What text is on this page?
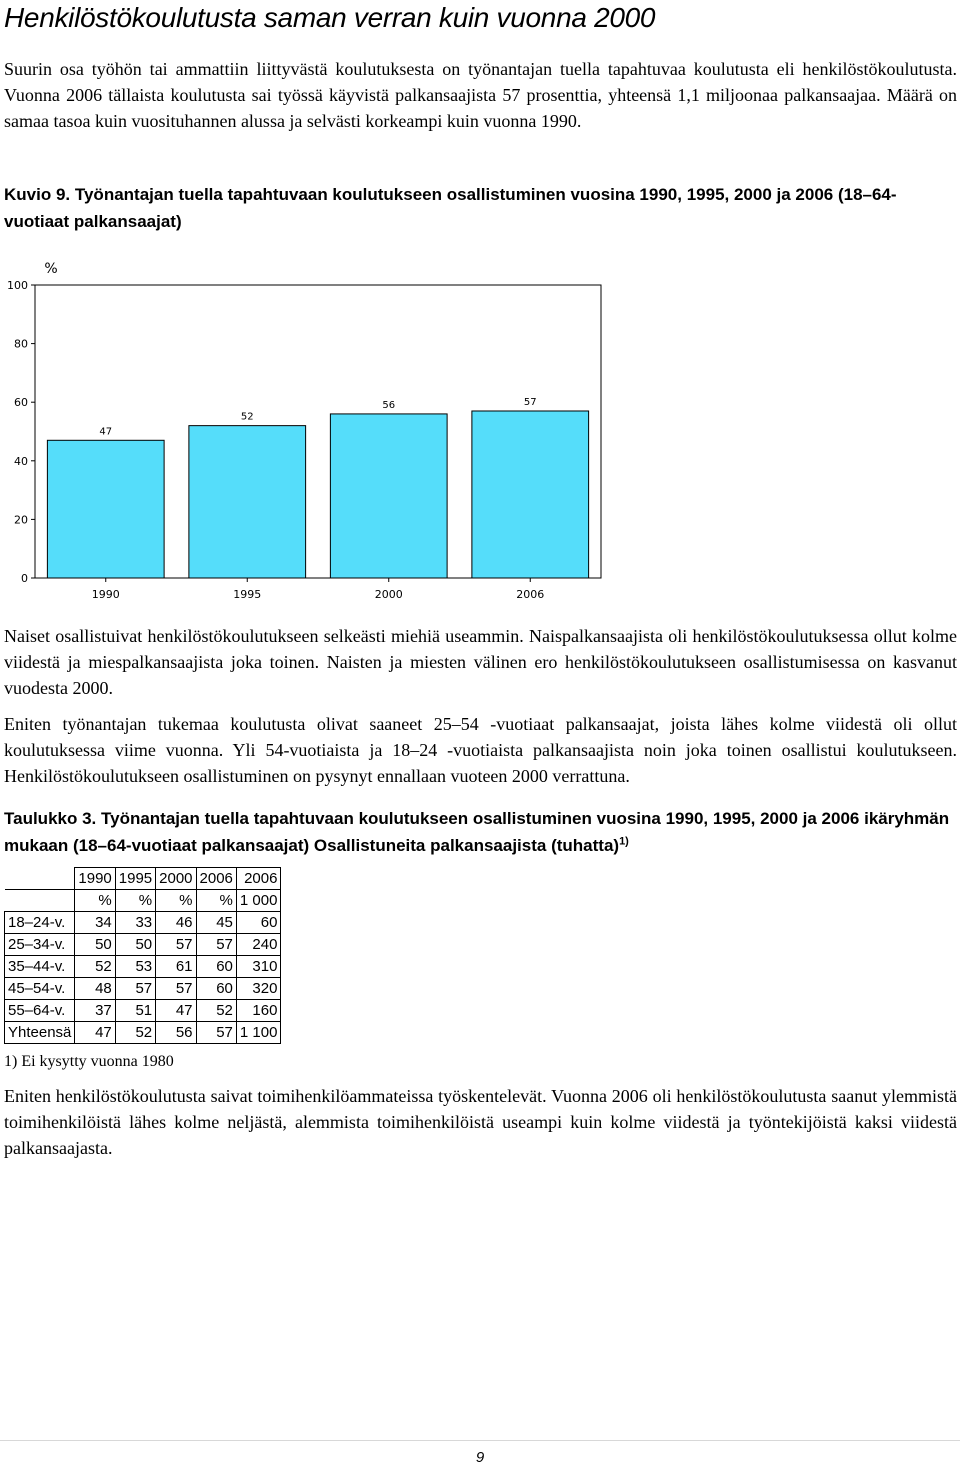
Henkilöstökoulutusta saman verran kuin vuonna 2000

Suurin osa työhön tai ammattiin liittyvästä koulutuksesta on työnantajan tuella tapahtuvaa koulutusta eli henkilöstökoulutusta. Vuonna 2006 tällaista koulutusta sai työssä käyvistä palkansaajista 57 prosenttia, yhteensä 1,1 miljoonaa palkansaajaa. Määrä on samaa tasoa kuin vuosituhannen alussa ja selvästi korkeampi kuin vuonna 1990.

Kuvio 9. Työnantajan tuella tapahtuvaan koulutukseen osallistuminen vuosina 1990, 1995, 2000 ja 2006 (18–64-vuotiaat palkansaajat)

%
0
20
40
60
80
100
47
1990
52
1995
56
2000
57
2006

Naiset osallistuivat henkilöstökoulutukseen selkeästi miehiä useammin. Naispalkansaajista oli henkilöstökoulutuksessa ollut kolme viidestä ja miespalkansaajista joka toinen. Naisten ja miesten välinen ero henkilöstökoulutukseen osallistumisessa on kasvanut vuodesta 2000.

Eniten työnantajan tukemaa koulutusta olivat saaneet 25–54 -vuotiaat palkansaajat, joista lähes kolme viidestä oli ollut koulutuksessa viime vuonna. Yli 54-vuotiaista ja 18–24 -vuotiaista palkansaajista noin joka toinen osallistui koulutukseen. Henkilöstökoulutukseen osallistuminen on pysynyt ennallaan vuoteen 2000 verrattuna.

Taulukko 3. Työnantajan tuella tapahtuvaan koulutukseen osallistuminen vuosina 1990, 1995, 2000 ja 2006 ikäryhmän mukaan (18–64-vuotiaat palkansaajat) Osallistuneita palkansaajista (tuhatta)$^{1)}$

	1990	1995	2000	2006	2006
	%	%	%	%	1 000
18–24-v.	34	33	46	45	60
25–34-v.	50	50	57	57	240
35–44-v.	52	53	61	60	310
45–54-v.	48	57	57	60	320
55–64-v.	37	51	47	52	160
Yhteensä	47	52	56	57	1 100

1) Ei kysytty vuonna 1980

Eniten henkilöstökoulutusta saivat toimihenkilöammateissa työskentelevät. Vuonna 2006 oli henkilöstökoulutusta saanut ylemmistä toimihenkilöistä lähes kolme neljästä, alemmista toimihenkilöistä useampi kuin kolme viidestä ja työntekijöistä kaksi viidestä palkansaajasta.

9
